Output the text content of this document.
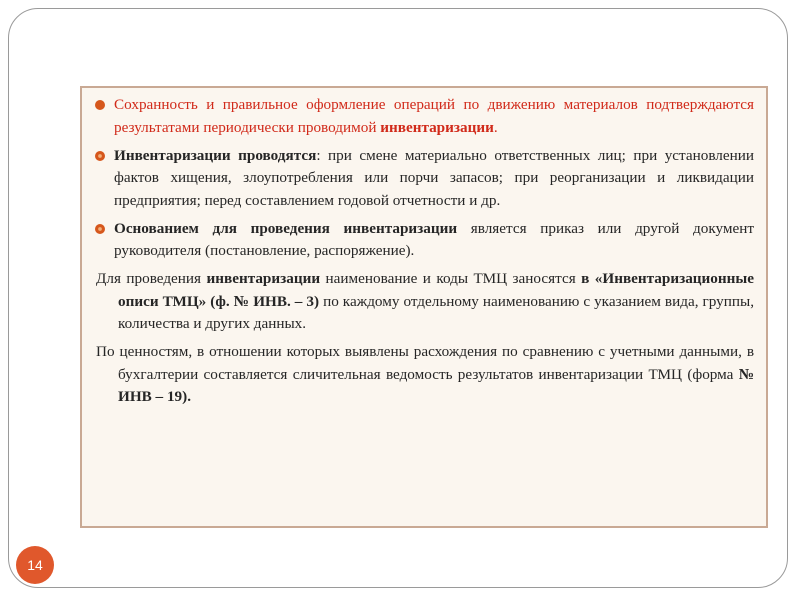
Сохранность и правильное оформление операций по движению материалов подтверждаются результатами периодически проводимой инвентаризации.

Инвентаризации проводятся: при смене материально ответственных лиц; при установлении фактов хищения, злоупотребления или порчи запасов; при реорганизации и ликвидации предприятия; перед составлением годовой отчетности и др.

Основанием для проведения инвентаризации является приказ или другой документ руководителя (постановление, распоряжение).

Для проведения инвентаризации наименование и коды ТМЦ заносятся в «Инвентаризационные описи ТМЦ» (ф. № ИНВ. – 3) по каждому отдельному наименованию с указанием вида, группы, количества и других данных.

По ценностям, в отношении которых выявлены расхождения по сравнению с учетными данными, в бухгалтерии составляется сличительная ведомость результатов инвентаризации ТМЦ (форма № ИНВ – 19).

14
